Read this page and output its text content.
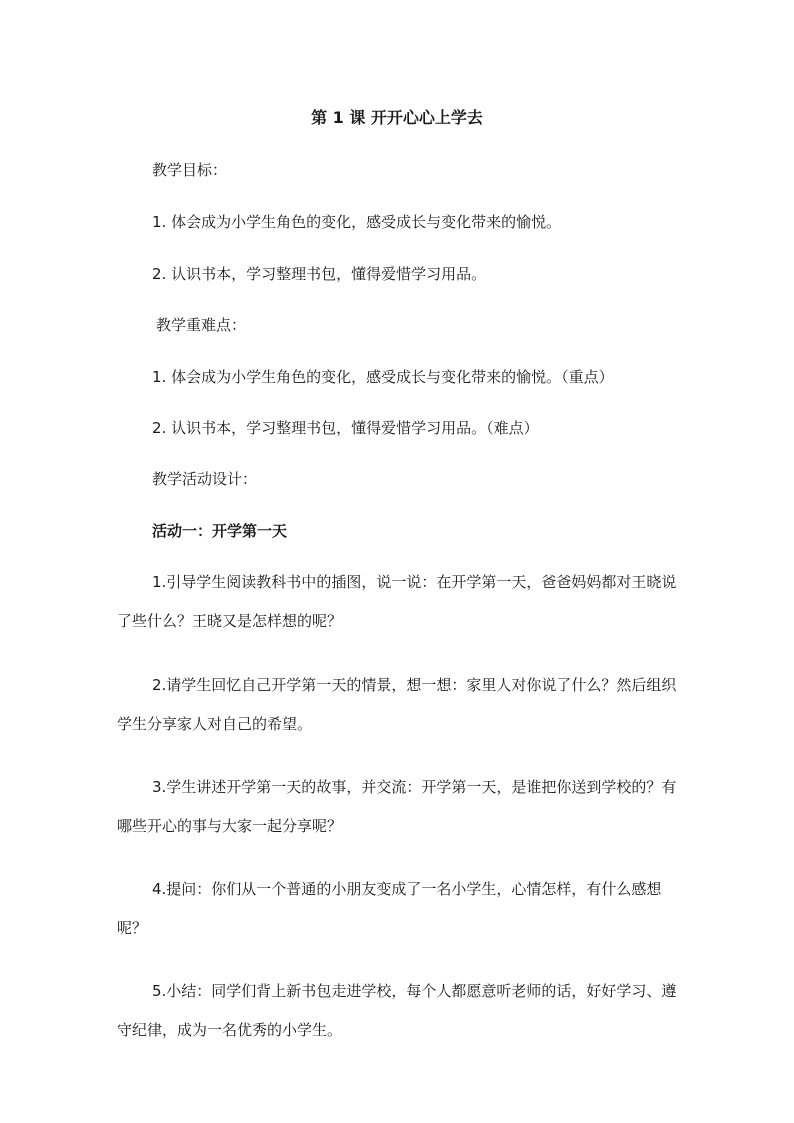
第 1 课 开开心心上学去
教学目标：
1. 体会成为小学生角色的变化，感受成长与变化带来的愉悦。
2. 认识书本，学习整理书包，懂得爱惜学习用品。
教学重难点：
1. 体会成为小学生角色的变化，感受成长与变化带来的愉悦。（重点）
2. 认识书本，学习整理书包，懂得爱惜学习用品。（难点）
教学活动设计：
活动一：开学第一天
1.引导学生阅读教科书中的插图，说一说：在开学第一天，爸爸妈妈都对王晓说了些什么？王晓又是怎样想的呢？
2.请学生回忆自己开学第一天的情景，想一想：家里人对你说了什么？然后组织学生分享家人对自己的希望。
3.学生讲述开学第一天的故事，并交流：开学第一天，是谁把你送到学校的？有哪些开心的事与大家一起分享呢？
4.提问：你们从一个普通的小朋友变成了一名小学生，心情怎样，有什么感想呢？
5.小结：同学们背上新书包走进学校，每个人都愿意听老师的话，好好学习、遵守纪律，成为一名优秀的小学生。
